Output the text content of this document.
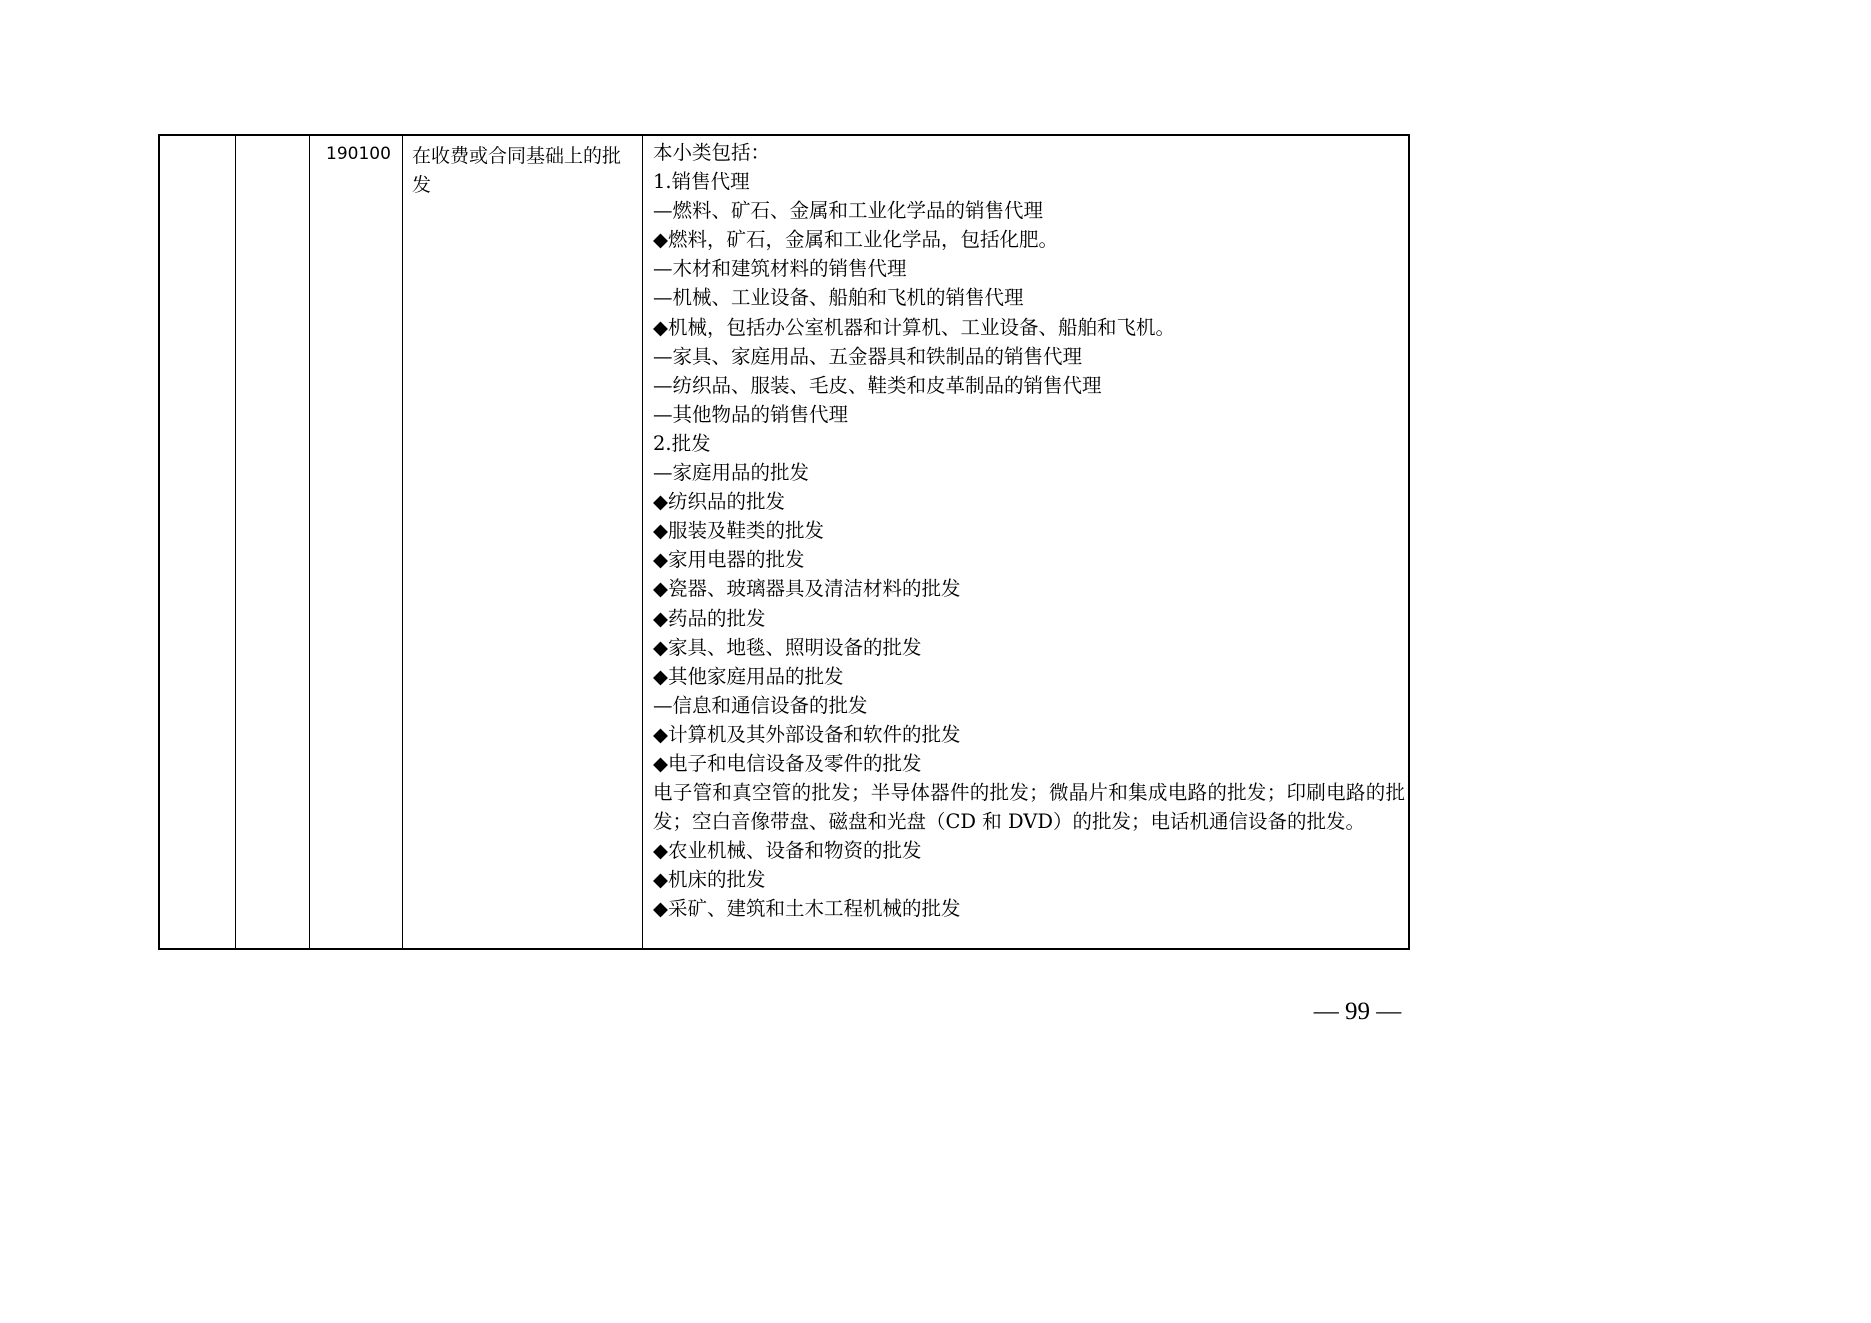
190100 在收费或合同基础上的批发
本小类包括：
1.销售代理
—燃料、矿石、金属和工业化学品的销售代理
◆燃料，矿石，金属和工业化学品，包括化肥。
—木材和建筑材料的销售代理
—机械、工业设备、船舶和飞机的销售代理
◆机械，包括办公室机器和计算机、工业设备、船舶和飞机。
—家具、家庭用品、五金器具和铁制品的销售代理
—纺织品、服装、毛皮、鞋类和皮革制品的销售代理
—其他物品的销售代理
2.批发
—家庭用品的批发
◆纺织品的批发
◆服装及鞋类的批发
◆家用电器的批发
◆瓷器、玻璃器具及清洁材料的批发
◆药品的批发
◆家具、地毯、照明设备的批发
◆其他家庭用品的批发
—信息和通信设备的批发
◆计算机及其外部设备和软件的批发
◆电子和电信设备及零件的批发

电子管和真空管的批发；半导体器件的批发；微晶片和集成电路的批发；印刷电路的批发；空白音像带盘、磁盘和光盘（CD 和 DVD）的批发；电话机通信设备的批发。

◆农业机械、设备和物资的批发
◆机床的批发
◆采矿、建筑和土木工程机械的批发
— 99 —
